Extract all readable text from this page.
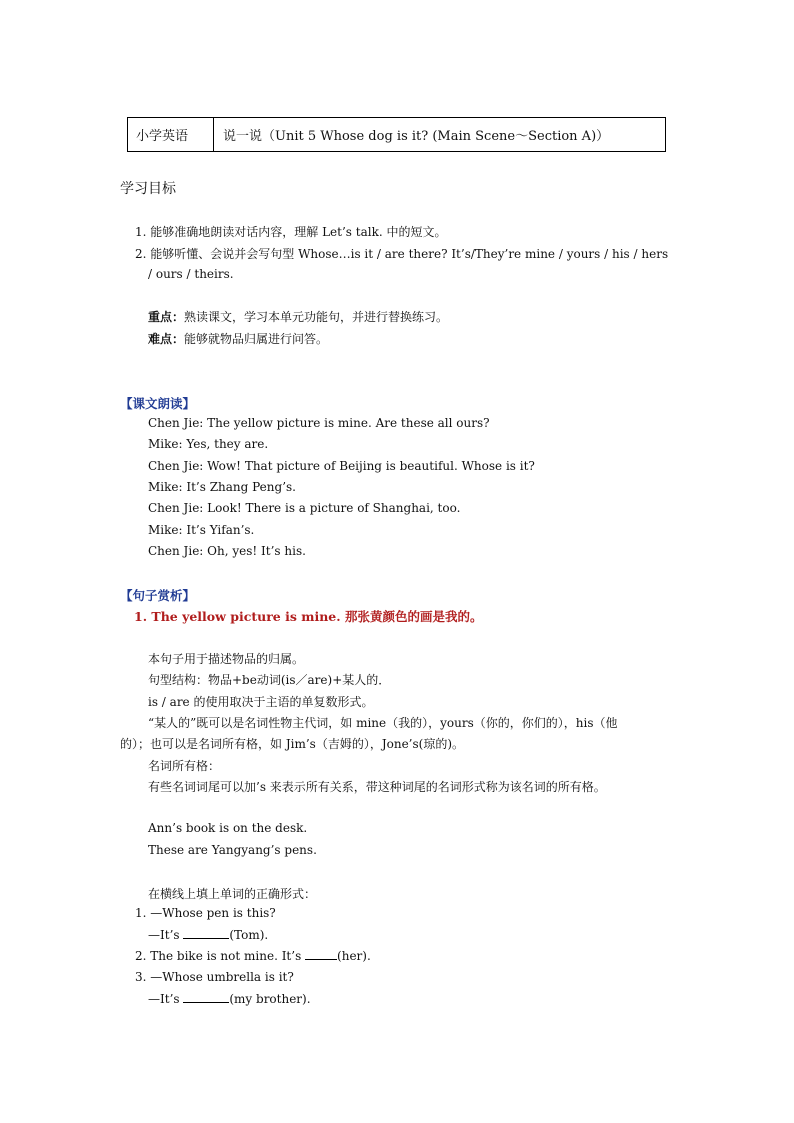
小学英语	说一说（Unit 5 Whose dog is it? (Main Scene～Section A)）
学习目标
1. 能够准确地朗读对话内容，理解 Let’s talk. 中的短文。
2. 能够听懂、会说并会写句型 Whose…is it / are there? It’s/They’re mine / yours / his / hers
/ ours / theirs.
重点：熟读课文，学习本单元功能句，并进行替换练习。
难点：能够就物品归属进行问答。
【课文朗读】
Chen Jie: The yellow picture is mine. Are these all ours?
Mike: Yes, they are.
Chen Jie: Wow! That picture of Beijing is beautiful. Whose is it?
Mike: It’s Zhang Peng’s.
Chen Jie: Look! There is a picture of Shanghai, too.
Mike: It’s Yifan’s.
Chen Jie: Oh, yes! It’s his.
【句子赏析】
1. The yellow picture is mine. 那张黄颜色的画是我的。
本句子用于描述物品的归属。
句型结构：物品+be动词(is／are)+某人的．
is / are 的使用取决于主语的单复数形式。
“某人的”既可以是名词性物主代词，如 mine（我的），yours（你的，你们的），his（他
的）；也可以是名词所有格，如 Jim’s（吉姆的），Jone’s(琼的)。
名词所有格：
有些名词词尾可以加’s 来表示所有关系，带这种词尾的名词形式称为该名词的所有格。
Ann’s book is on the desk.
These are Yangyang’s pens.
在横线上填上单词的正确形式：
1. —Whose pen is this?
—It’s	(Tom).
2. The bike is not mine. It’s	(her).
3. —Whose umbrella is it?
—It’s	(my brother).
